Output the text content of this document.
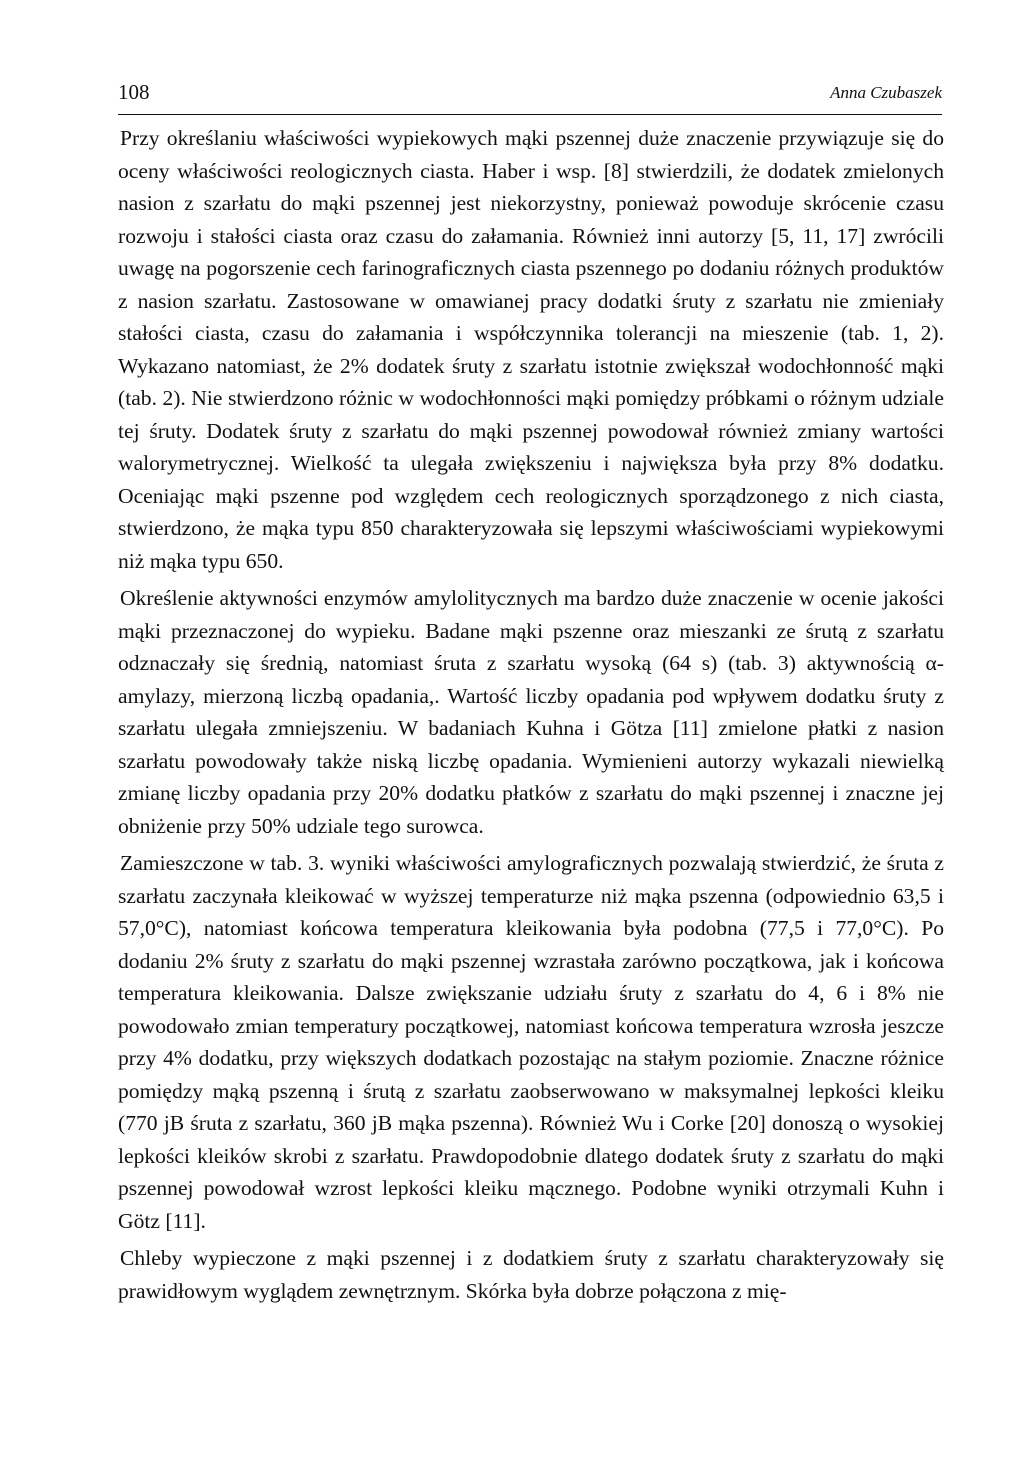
108	Anna Czubaszek

Przy określaniu właściwości wypiekowych mąki pszennej duże znaczenie przywiązuje się do oceny właściwości reologicznych ciasta. Haber i wsp. [8] stwierdzili, że dodatek zmielonych nasion z szarłatu do mąki pszennej jest niekorzystny, ponieważ powoduje skrócenie czasu rozwoju i stałości ciasta oraz czasu do załamania. Również inni autorzy [5, 11, 17] zwrócili uwagę na pogorszenie cech farinograficznych ciasta pszennego po dodaniu różnych produktów z nasion szarłatu. Zastosowane w omawianej pracy dodatki śruty z szarłatu nie zmieniały stałości ciasta, czasu do załamania i współczynnika tolerancji na mieszenie (tab. 1, 2). Wykazano natomiast, że 2% dodatek śruty z szarłatu istotnie zwiększał wodochłonność mąki (tab. 2). Nie stwierdzono różnic w wodochłonności mąki pomiędzy próbkami o różnym udziale tej śruty. Dodatek śruty z szarłatu do mąki pszennej powodował również zmiany wartości walorymetrycznej. Wielkość ta ulegała zwiększeniu i największa była przy 8% dodatku. Oceniając mąki pszenne pod względem cech reologicznych sporządzonego z nich ciasta, stwierdzono, że mąka typu 850 charakteryzowała się lepszymi właściwościami wypiekowymi niż mąka typu 650.

Określenie aktywności enzymów amylolitycznych ma bardzo duże znaczenie w ocenie jakości mąki przeznaczonej do wypieku. Badane mąki pszenne oraz mieszanki ze śrutą z szarłatu odznaczały się średnią, natomiast śruta z szarłatu wysoką (64 s) (tab. 3) aktywnością α-amylazy, mierzoną liczbą opadania,. Wartość liczby opadania pod wpływem dodatku śruty z szarłatu ulegała zmniejszeniu. W badaniach Kuhna i Götza [11] zmielone płatki z nasion szarłatu powodowały także niską liczbę opadania. Wymienieni autorzy wykazali niewielką zmianę liczby opadania przy 20% dodatku płatków z szarłatu do mąki pszennej i znaczne jej obniżenie przy 50% udziale tego surowca.

Zamieszczone w tab. 3. wyniki właściwości amylograficznych pozwalają stwierdzić, że śruta z szarłatu zaczynała kleikować w wyższej temperaturze niż mąka pszenna (odpowiednio 63,5 i 57,0°C), natomiast końcowa temperatura kleikowania była podobna (77,5 i 77,0°C). Po dodaniu 2% śruty z szarłatu do mąki pszennej wzrastała zarówno początkowa, jak i końcowa temperatura kleikowania. Dalsze zwiększanie udziału śruty z szarłatu do 4, 6 i 8% nie powodowało zmian temperatury początkowej, natomiast końcowa temperatura wzrosła jeszcze przy 4% dodatku, przy większych dodatkach pozostając na stałym poziomie. Znaczne różnice pomiędzy mąką pszenną i śrutą z szarłatu zaobserwowano w maksymalnej lepkości kleiku (770 jB śruta z szarłatu, 360 jB mąka pszenna). Również Wu i Corke [20] donoszą o wysokiej lepkości kleików skrobi z szarłatu. Prawdopodobnie dlatego dodatek śruty z szarłatu do mąki pszennej powodował wzrost lepkości kleiku mącznego. Podobne wyniki otrzymali Kuhn i Götz [11].

Chleby wypieczone z mąki pszennej i z dodatkiem śruty z szarłatu charakteryzowały się prawidłowym wyglądem zewnętrznym. Skórka była dobrze połączona z mię-
